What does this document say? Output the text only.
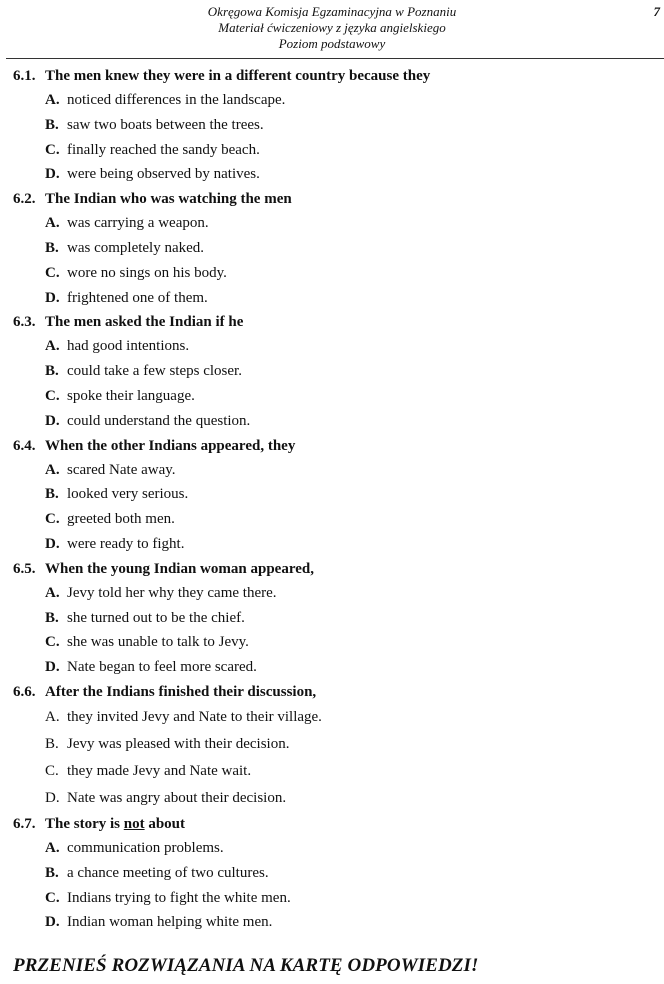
Okręgowa Komisja Egzaminacyjna w Poznaniu
Materiał ćwiczeniowy z języka angielskiego
Poziom podstawowy
7
6.1. The men knew they were in a different country because they
A. noticed differences in the landscape.
B. saw two boats between the trees.
C. finally reached the sandy beach.
D. were being observed by natives.
6.2. The Indian who was watching the men
A. was carrying a weapon.
B. was completely naked.
C. wore no sings on his body.
D. frightened one of them.
6.3. The men asked the Indian if he
A. had good intentions.
B. could take a few steps closer.
C. spoke their language.
D. could understand the question.
6.4. When the other Indians appeared, they
A. scared Nate away.
B. looked very serious.
C. greeted both men.
D. were ready to fight.
6.5. When the young Indian woman appeared,
A. Jevy told her why they came there.
B. she turned out to be the chief.
C. she was unable to talk to Jevy.
D. Nate began to feel more scared.
6.6. After the Indians finished their discussion,
A. they invited Jevy and Nate to their village.
B. Jevy was pleased with their decision.
C. they made Jevy and Nate wait.
D. Nate was angry about their decision.
6.7. The story is not about
A. communication problems.
B. a chance meeting of two cultures.
C. Indians trying to fight the white men.
D. Indian woman helping white men.
PRZENIEŚ ROZWIĄZANIA NA KARTĘ ODPOWIEDZI!
